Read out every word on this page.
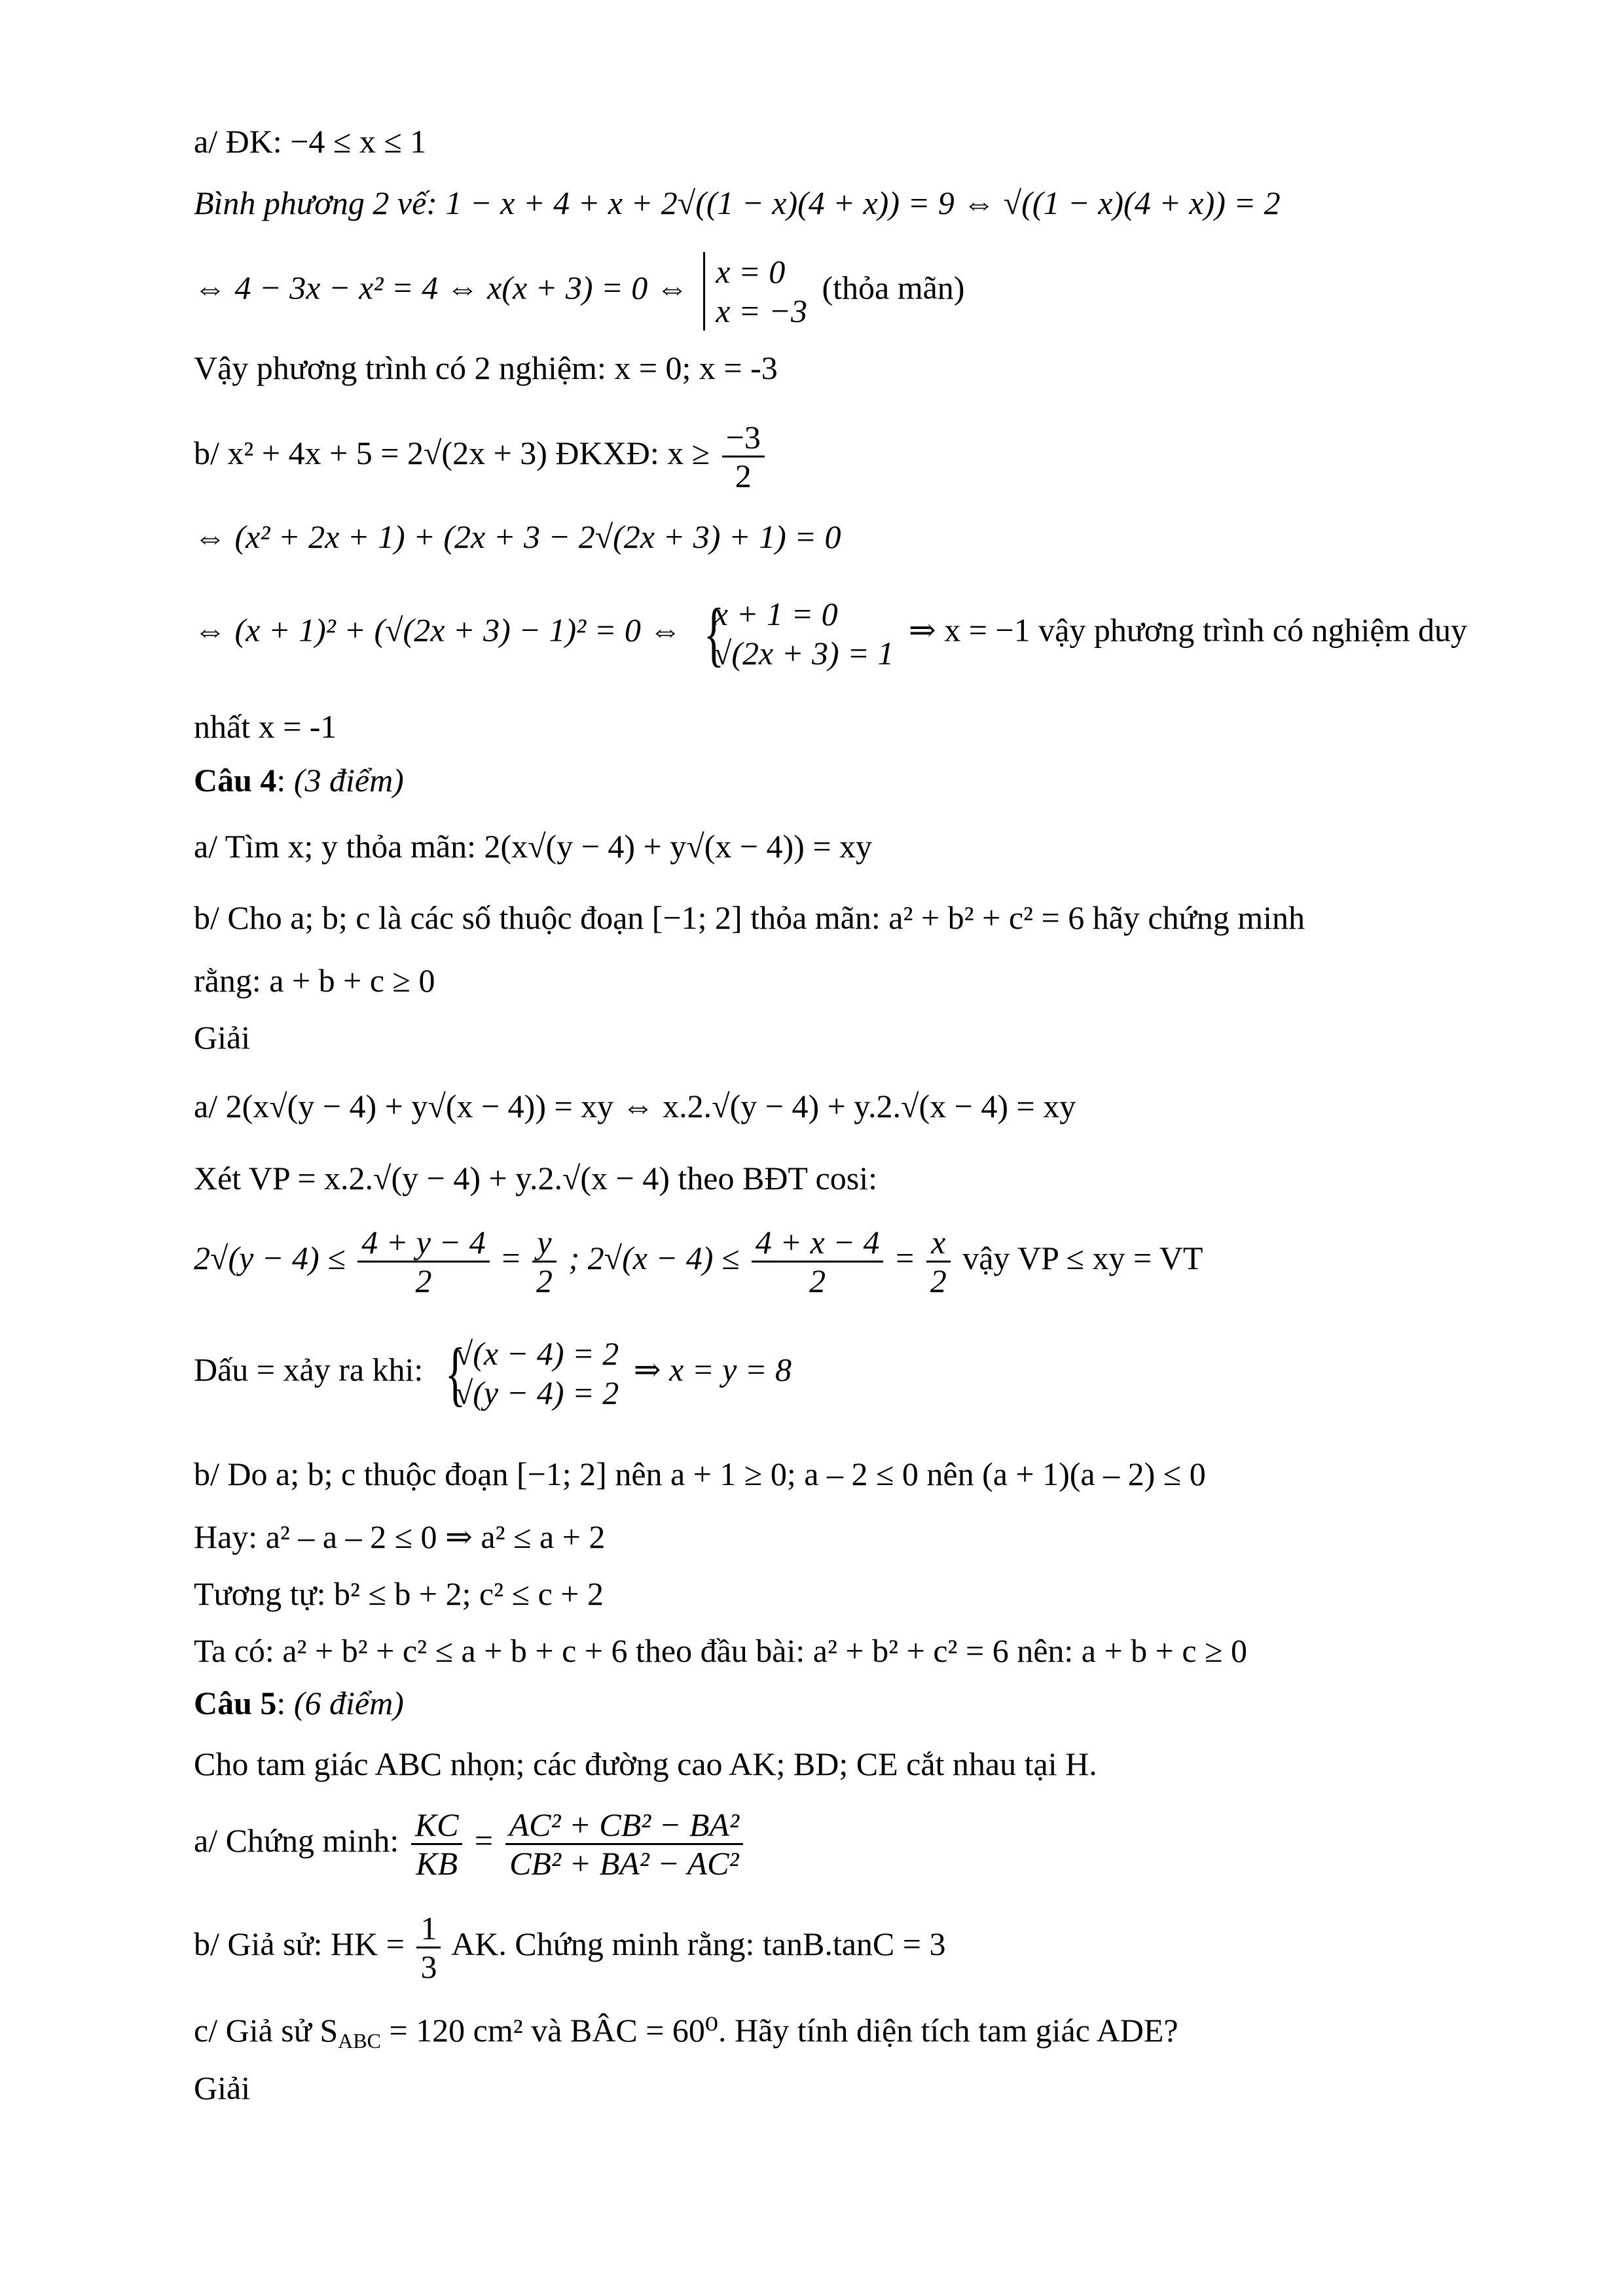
a/ ĐK: −4 ≤ x ≤ 1
Bình phương 2 vế: 1 − x + 4 + x + 2√((1 − x)(4 + x)) = 9 ⇔ √((1 − x)(4 + x)) = 2
⇔ 4 − 3x − x² = 4 ⇔ x(x + 3) = 0 ⇔ x = 0
x = −3
(thỏa mãn)
Vậy phương trình có 2 nghiệm: x = 0; x = -3
b/ x² + 4x + 5 = 2√(2x + 3) ĐKXĐ: $x \ge \frac{-3}{2}$
⇔ (x² + 2x + 1) + (2x + 3 − 2√(2x + 3) + 1) = 0
⇔ (x + 1)² + (√(2x + 3) − 1)² = 0 ⇔ { x + 1 = 0
√(2x + 3) = 1
⇒ x = −1 vậy phương trình có nghiệm duy
nhất x = -1
Câu 4: (3 điểm)
a/ Tìm x; y thỏa mãn: 2(x√(y − 4) + y√(x − 4)) = xy
b/ Cho a; b; c là các số thuộc đoạn [−1; 2] thỏa mãn: a² + b² + c² = 6 hãy chứng minh
rằng: a + b + c ≥ 0
Giải
a/ 2(x√(y − 4) + y√(x − 4)) = xy ⇔ x.2.√(y − 4) + y.2.√(x − 4) = xy
Xét VP = x.2.√(y − 4) + y.2.√(x − 4) theo BĐT cosi:
$2√(y - 4) \le \frac{4 + y - 4}{2} = \frac{y}{2}$ ; $2√(x - 4) \le \frac{4 + x - 4}{2} = \frac{x}{2}$ vậy VP ≤ xy = VT
Dấu = xảy ra khi: { √(x − 4) = 2
√(y − 4) = 2
⇒ x = y = 8
b/ Do a; b; c thuộc đoạn [−1; 2] nên a + 1 ≥ 0; a – 2 ≤ 0 nên (a + 1)(a – 2) ≤ 0
Hay: a² – a – 2 ≤ 0 ⇒ a² ≤ a + 2
Tương tự: b² ≤ b + 2; c² ≤ c + 2
Ta có: a² + b² + c² ≤ a + b + c + 6 theo đầu bài: a² + b² + c² = 6 nên: a + b + c ≥ 0
Câu 5: (6 điểm)
Cho tam giác ABC nhọn; các đường cao AK; BD; CE cắt nhau tại H.
a/ Chứng minh: $\frac{KC}{KB} = \frac{\text{AC² + CB² − BA²}}{\text{CB² + BA² − AC²}}$
b/ Giả sử: HK = $\frac{1}{3}$ AK. Chứng minh rằng: tanB.tanC = 3
c/ Giả sử $S_{ABC} = 120$ cm² và BÂC = 60⁰. Hãy tính diện tích tam giác ADE?
Giải
